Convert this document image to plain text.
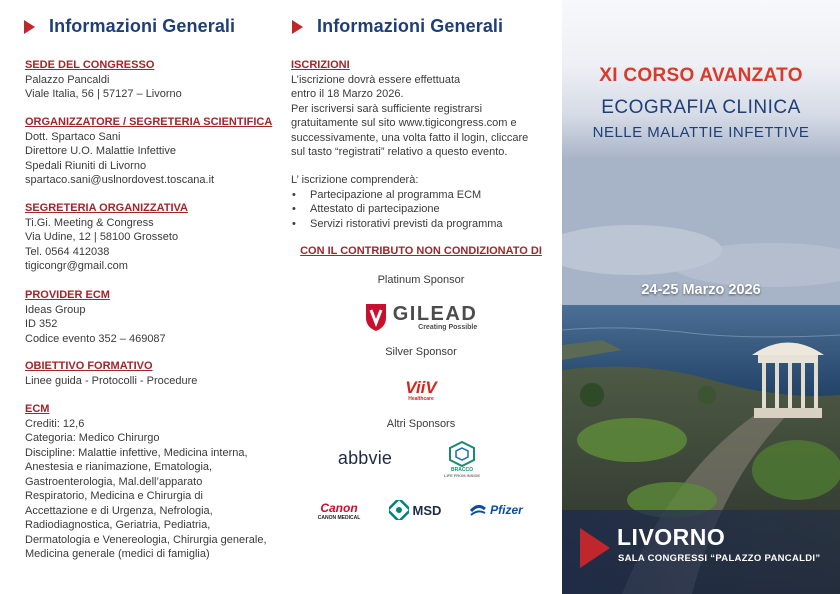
Informazioni Generali
SEDE DEL CONGRESSO
Palazzo Pancaldi
Viale Italia, 56 | 57127 – Livorno
ORGANIZZATORE / SEGRETERIA SCIENTIFICA
Dott. Spartaco Sani
Direttore U.O. Malattie Infettive
Spedali Riuniti di Livorno
spartaco.sani@uslnordovest.toscana.it
SEGRETERIA ORGANIZZATIVA
Ti.Gi. Meeting & Congress
Via Udine, 12 | 58100 Grosseto
Tel. 0564 412038
tigicongr@gmail.com
PROVIDER ECM
Ideas Group
ID 352
Codice evento 352 – 469087
OBIETTIVO FORMATIVO
Linee guida - Protocolli - Procedure
ECM
Crediti: 12,6
Categoria: Medico Chirurgo
Discipline: Malattie infettive, Medicina interna,
Anestesia e rianimazione, Ematologia,
Gastroenterologia, Mal.dell’apparato
Respiratorio, Medicina e Chirurgia di
Accettazione e di Urgenza, Nefrologia,
Radiodiagnostica, Geriatria, Pediatria,
Dermatologia e Venereologia, Chirurgia generale,
Medicina generale (medici di famiglia)
Informazioni Generali
ISCRIZIONI
L’iscrizione dovrà essere effettuata
entro il 18 Marzo 2026.
Per iscriversi sarà sufficiente registrarsi
gratuitamente sul sito www.tigicongress.com e
successivamente, una volta fatto il login, cliccare
sul tasto “registrati” relativo a questo evento.
L’ iscrizione comprenderà:
• Partecipazione al programma ECM
• Attestato di partecipazione
• Servizi ristorativi previsti da programma
CON IL CONTRIBUTO NON CONDIZIONATO DI
Platinum Sponsor
GILEAD
Creating Possible
Silver Sponsor
ViiV
Healthcare
Altri Sponsors
abbvie
BRACCO
LIFE FROM INSIDE
Canon
CANON MEDICAL
MSD	Pfizer
XI CORSO AVANZATO
ECOGRAFIA CLINICA
NELLE MALATTIE INFETTIVE
24-25 Marzo 2026
LIVORNO
SALA CONGRESSI “PALAZZO PANCALDI”
